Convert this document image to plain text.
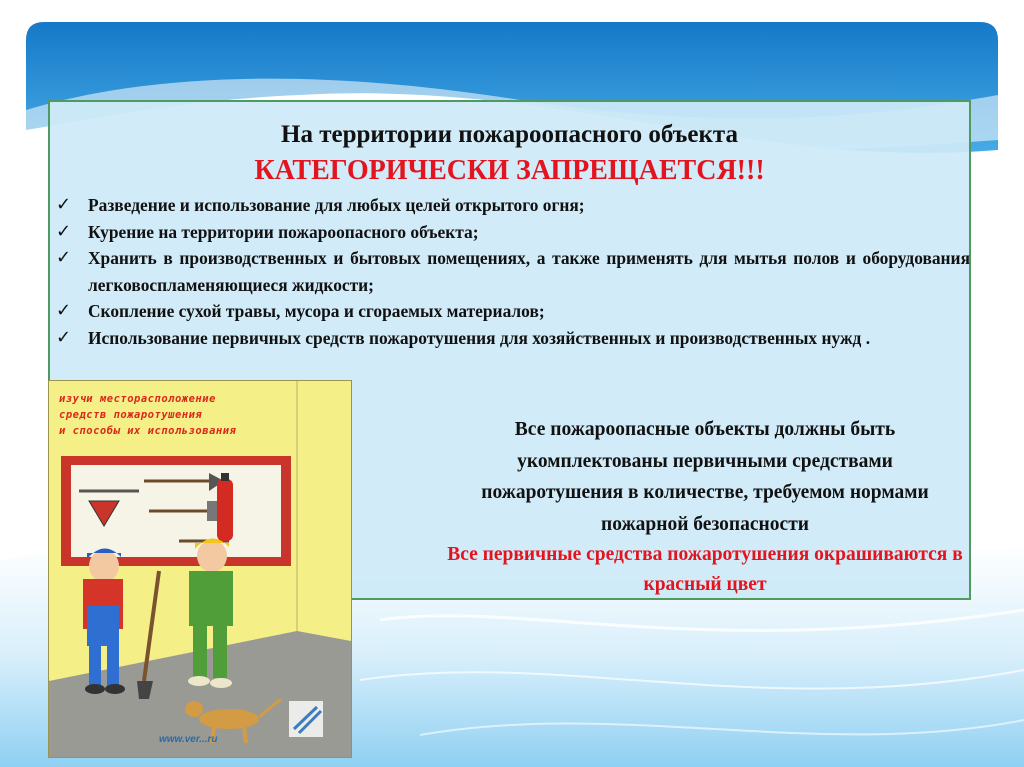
На территории пожароопасного объекта
КАТЕГОРИЧЕСКИ ЗАПРЕЩАЕТСЯ!!!
✓ Разведение и использование для любых целей открытого огня;
✓ Курение на территории пожароопасного объекта;
✓ Хранить в производственных и бытовых помещениях, а также применять для мытья полов и оборудования легковоспламеняющиеся жидкости;
✓ Скопление сухой травы, мусора и сгораемых материалов;
✓ Использование первичных средств пожаротушения для хозяйственных и производственных нужд .
Все пожароопасные объекты должны быть укомплектованы первичными средствами пожаротушения в количестве, требуемом нормами пожарной безопасности
Все первичные средства пожаротушения окрашиваются в красный цвет
изучи местораспoлoжение
средств пожаротушения
и способы их использования
www.ver...ru
